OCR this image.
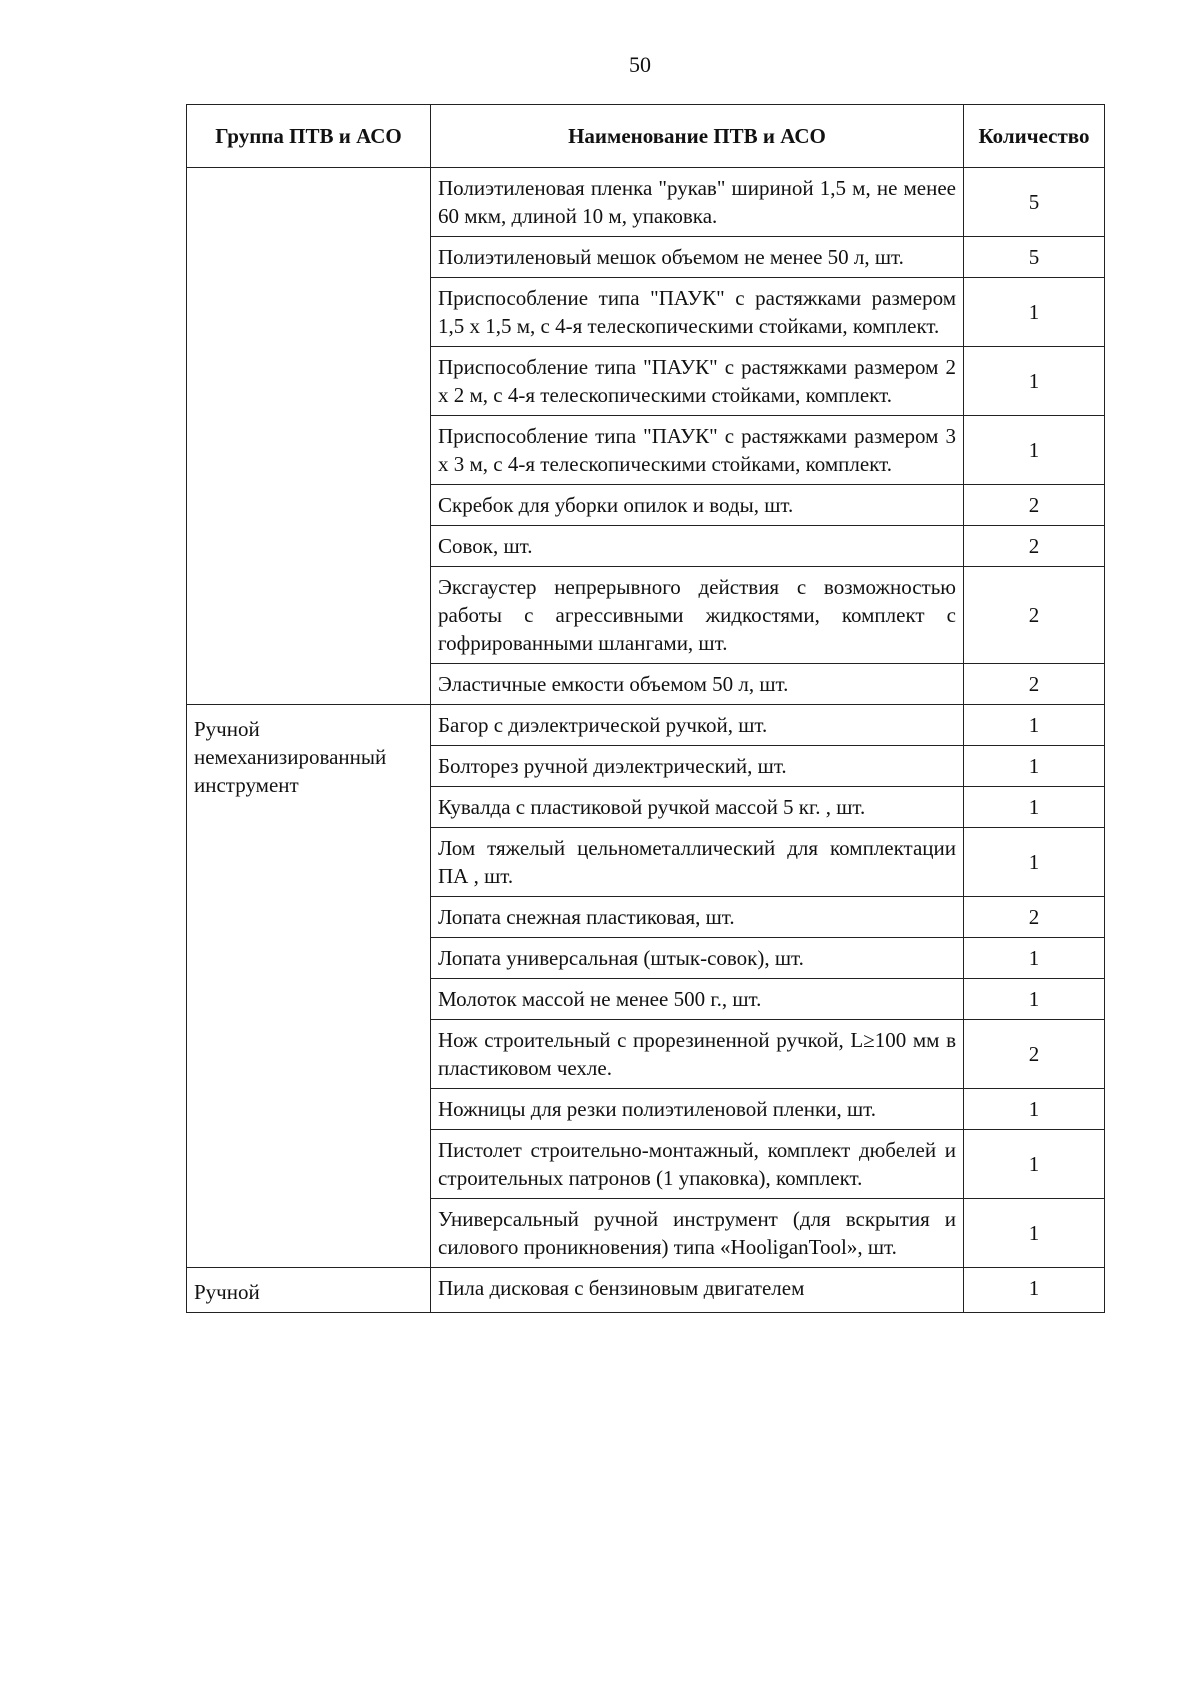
50
Группа ПТВ и АСО	Наименование ПТВ и АСО	Количество
	Полиэтиленовая пленка "рукав" шириной 1,5 м, не менее 60 мкм, длиной 10 м, упаковка.	5
	Полиэтиленовый мешок объемом не менее 50 л, шт.	5
	Приспособление типа "ПАУК" с растяжками размером 1,5 х 1,5 м, с 4-я телескопическими стойками, комплект.	1
	Приспособление типа "ПАУК" с растяжками размером 2 х 2 м, с 4-я телескопическими стойками, комплект.	1
	Приспособление типа "ПАУК" с растяжками размером 3 х 3 м, с 4-я телескопическими стойками, комплект.	1
	Скребок для уборки опилок и воды, шт.	2
	Совок, шт.	2
	Эксгаустер непрерывного действия с возможностью работы с агрессивными жидкостями, комплект с гофрированными шлангами, шт.	2
	Эластичные емкости объемом 50 л, шт.	2
Ручной немеханизированный инструмент	Багор с диэлектрической ручкой, шт.	1
	Болторез ручной диэлектрический, шт.	1
	Кувалда с пластиковой ручкой массой 5 кг. , шт.	1
	Лом тяжелый цельнометаллический для комплектации ПА , шт.	1
	Лопата снежная пластиковая, шт.	2
	Лопата универсальная (штык-совок), шт.	1
	Молоток массой не менее 500 г., шт.	1
	Нож строительный с прорезиненной ручкой, L≥100 мм в пластиковом чехле.	2
	Ножницы для резки полиэтиленовой пленки, шт.	1
	Пистолет строительно-монтажный, комплект дюбелей и строительных патронов (1 упаковка), комплект.	1
	Универсальный ручной инструмент (для вскрытия и силового проникновения) типа «HooliganTool», шт.	1
Ручной	Пила дисковая с бензиновым двигателем	1
